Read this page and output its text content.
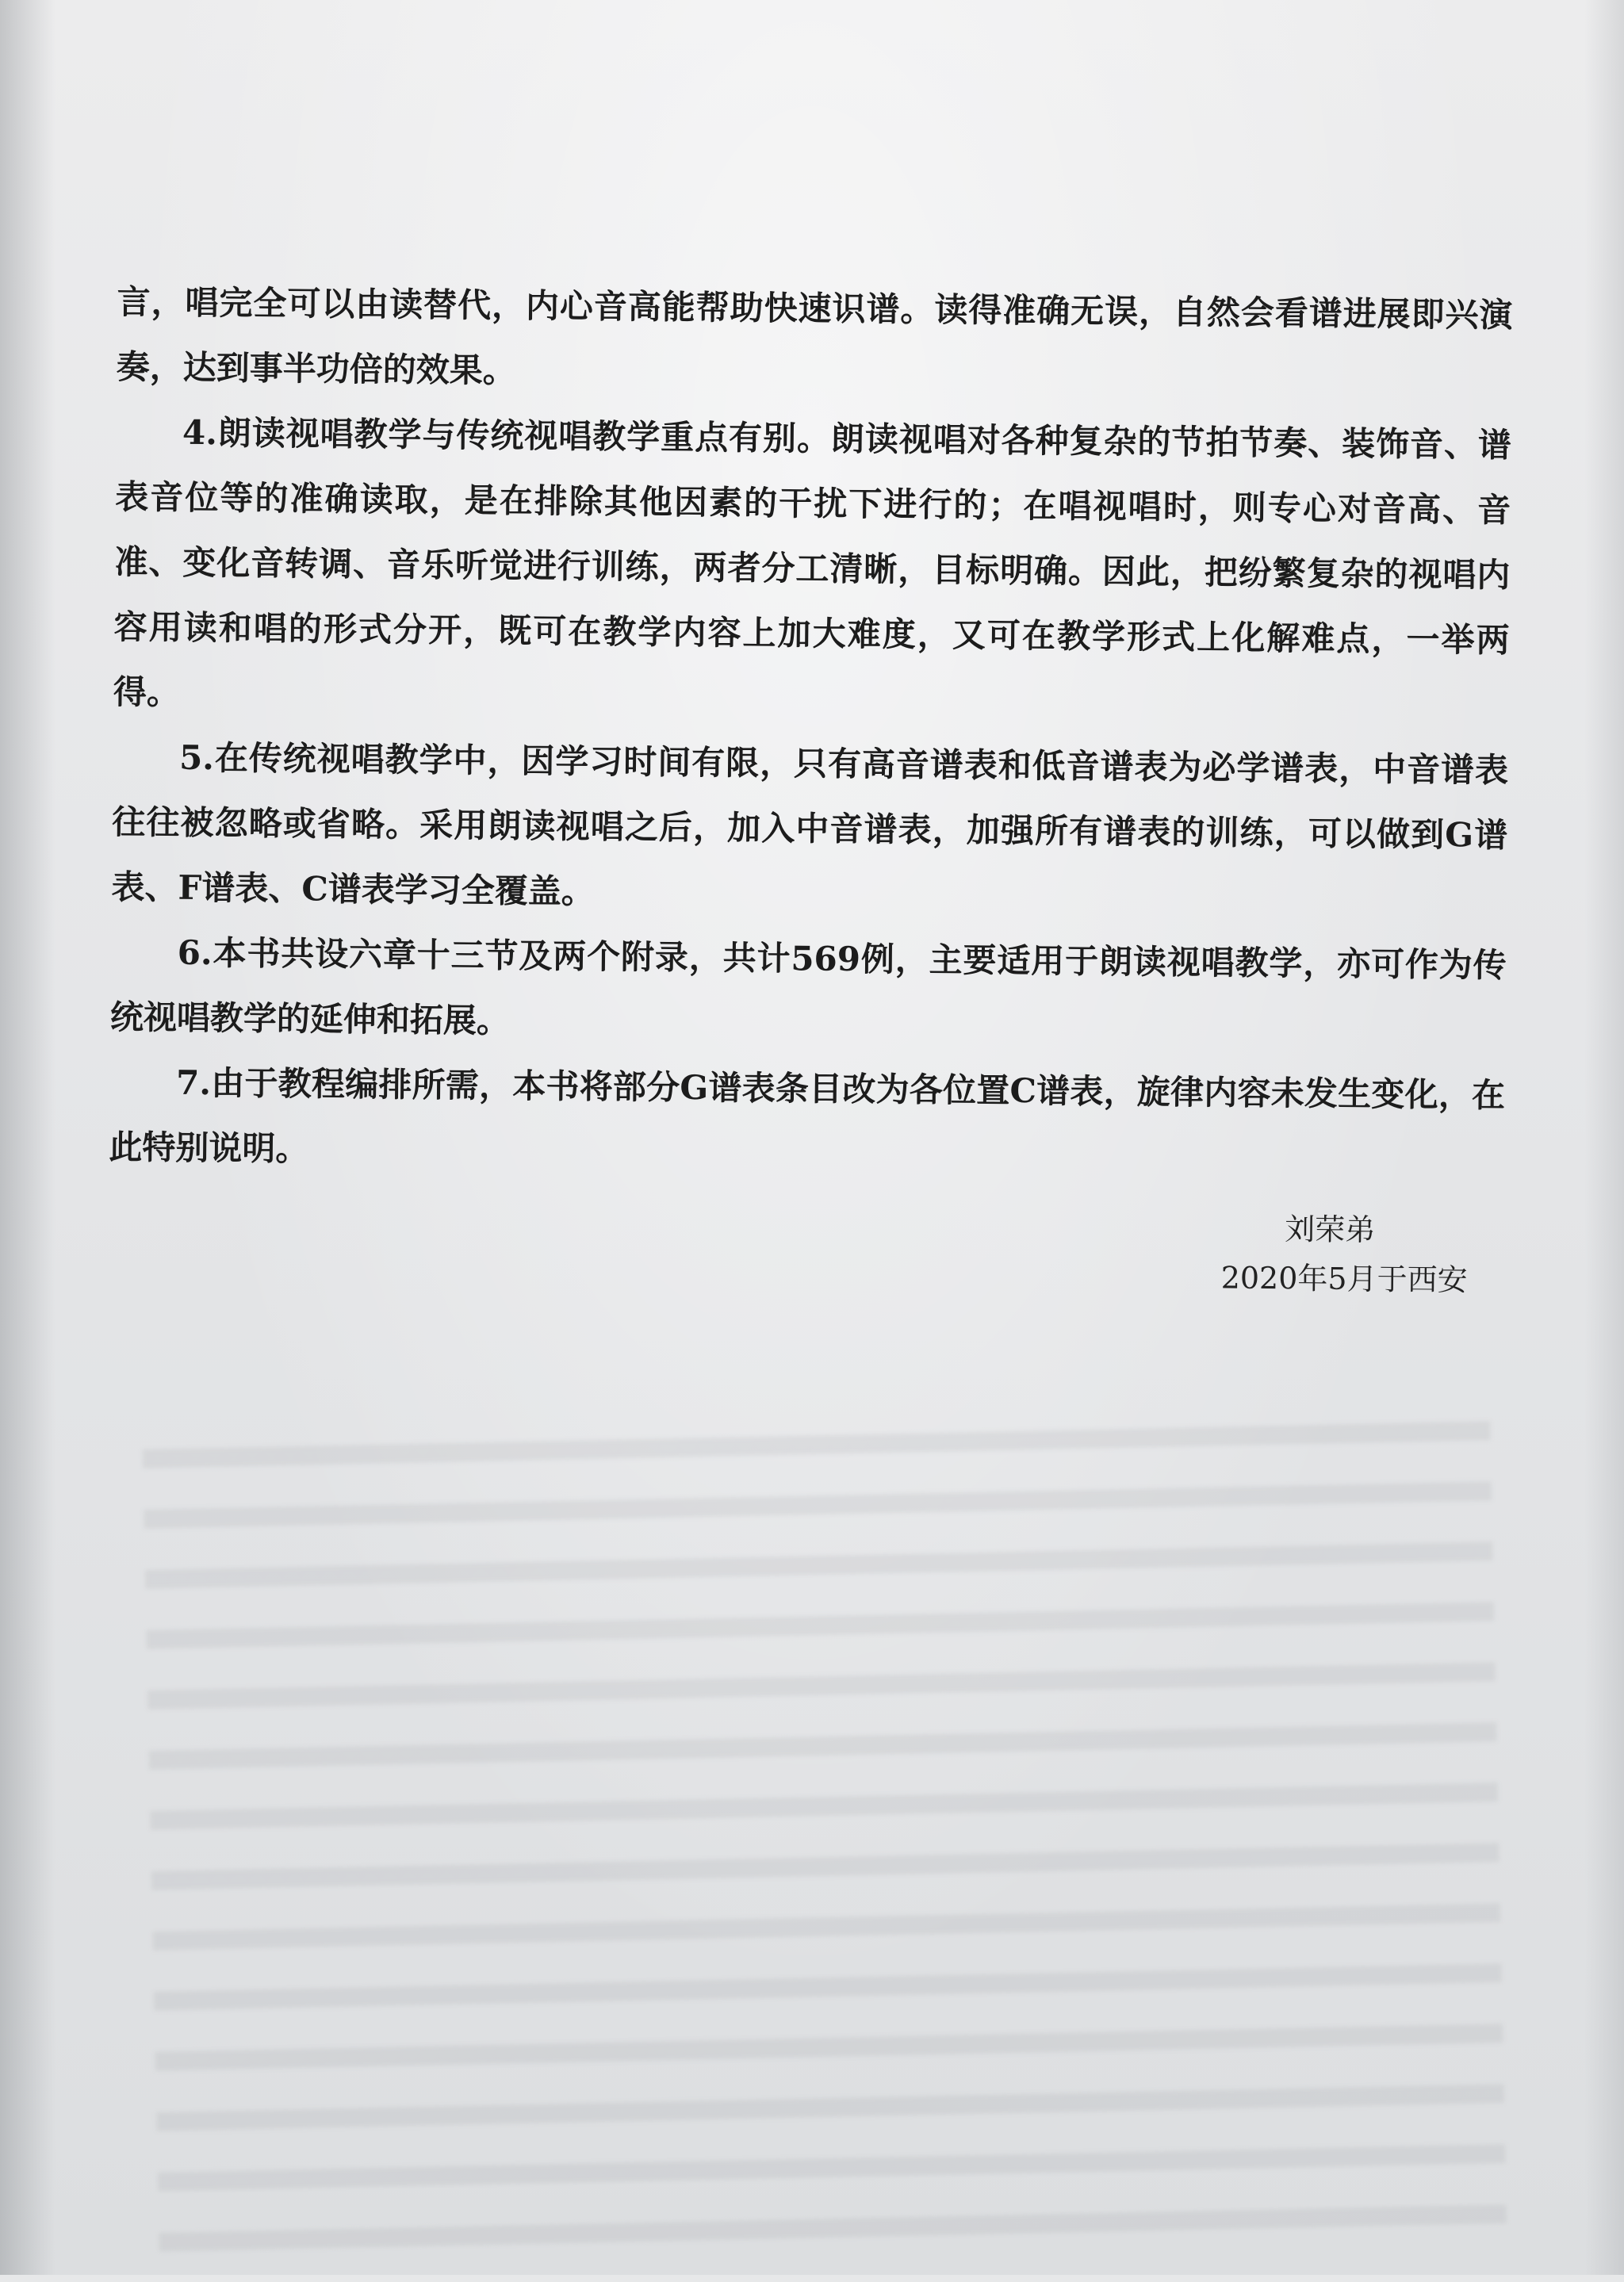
言，唱完全可以由读替代，内心音高能帮助快速识谱。读得准确无误，自然会看谱进展即兴演奏，达到事半功倍的效果。

4.朗读视唱教学与传统视唱教学重点有别。朗读视唱对各种复杂的节拍节奏、装饰音、谱表音位等的准确读取，是在排除其他因素的干扰下进行的；在唱视唱时，则专心对音高、音准、变化音转调、音乐听觉进行训练，两者分工清晰，目标明确。因此，把纷繁复杂的视唱内容用读和唱的形式分开，既可在教学内容上加大难度，又可在教学形式上化解难点，一举两得。

5.在传统视唱教学中，因学习时间有限，只有高音谱表和低音谱表为必学谱表，中音谱表往往被忽略或省略。采用朗读视唱之后，加入中音谱表，加强所有谱表的训练，可以做到G谱表、F谱表、C谱表学习全覆盖。

6.本书共设六章十三节及两个附录，共计569例，主要适用于朗读视唱教学，亦可作为传统视唱教学的延伸和拓展。

7.由于教程编排所需，本书将部分G谱表条目改为各位置C谱表，旋律内容未发生变化，在此特别说明。

刘荣弟
2020年5月于西安
